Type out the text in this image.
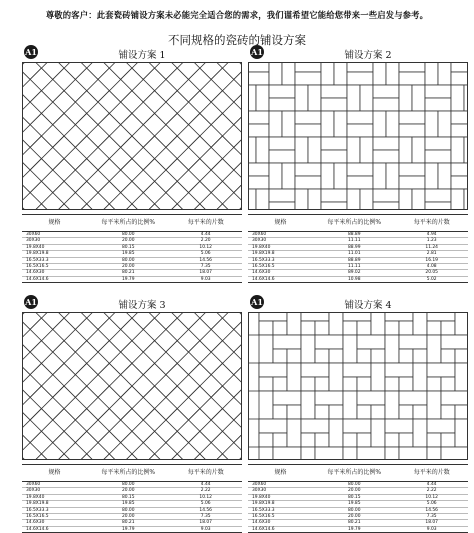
尊敬的客户：此套瓷砖铺设方案未必能完全适合您的需求，我们谨希望它能给您带来一些启发与参考。
不同规格的瓷砖的铺设方案
A1	铺设方案 1
规格	每平米所占的比例%	每平米的片数
30X60	80.00	4.44
30X30	20.00	2.20
19.8X40	80.15	10.12
19.8X19.8	19.85	5.06
16.5X33.3	80.00	14.56
16.5X16.5	20.00	7.35
14.6X30	80.21	18.07
14.6X14.6	19.79	9.03
A1	铺设方案 2
规格	每平米所占的比例%	每平米的片数
30X60	88.89	4.94
30X30	11.11	1.23
19.8X40	88.99	11.24
19.8X19.8	11.01	2.81
16.5X33.3	88.89	16.19
16.5X16.5	11.11	4.08
14.6X30	89.02	20.05
14.6X14.6	10.98	5.02
A1	铺设方案 3
规格	每平米所占的比例%	每平米的片数
30X60	80.00	4.44
30X30	20.00	2.22
19.8X40	80.15	10.12
19.8X19.8	19.85	5.06
16.5X33.3	80.00	14.56
16.5X16.5	20.00	7.35
14.6X30	80.21	18.07
14.6X14.6	19.79	9.03
A1	铺设方案 4
规格	每平米所占的比例%	每平米的片数
30X60	80.00	4.44
30X30	20.00	2.22
19.8X40	80.15	10.12
19.8X19.8	19.85	5.06
16.5X33.3	80.00	14.56
16.5X16.5	20.00	7.35
14.6X30	80.21	18.07
14.6X14.6	19.79	9.03
